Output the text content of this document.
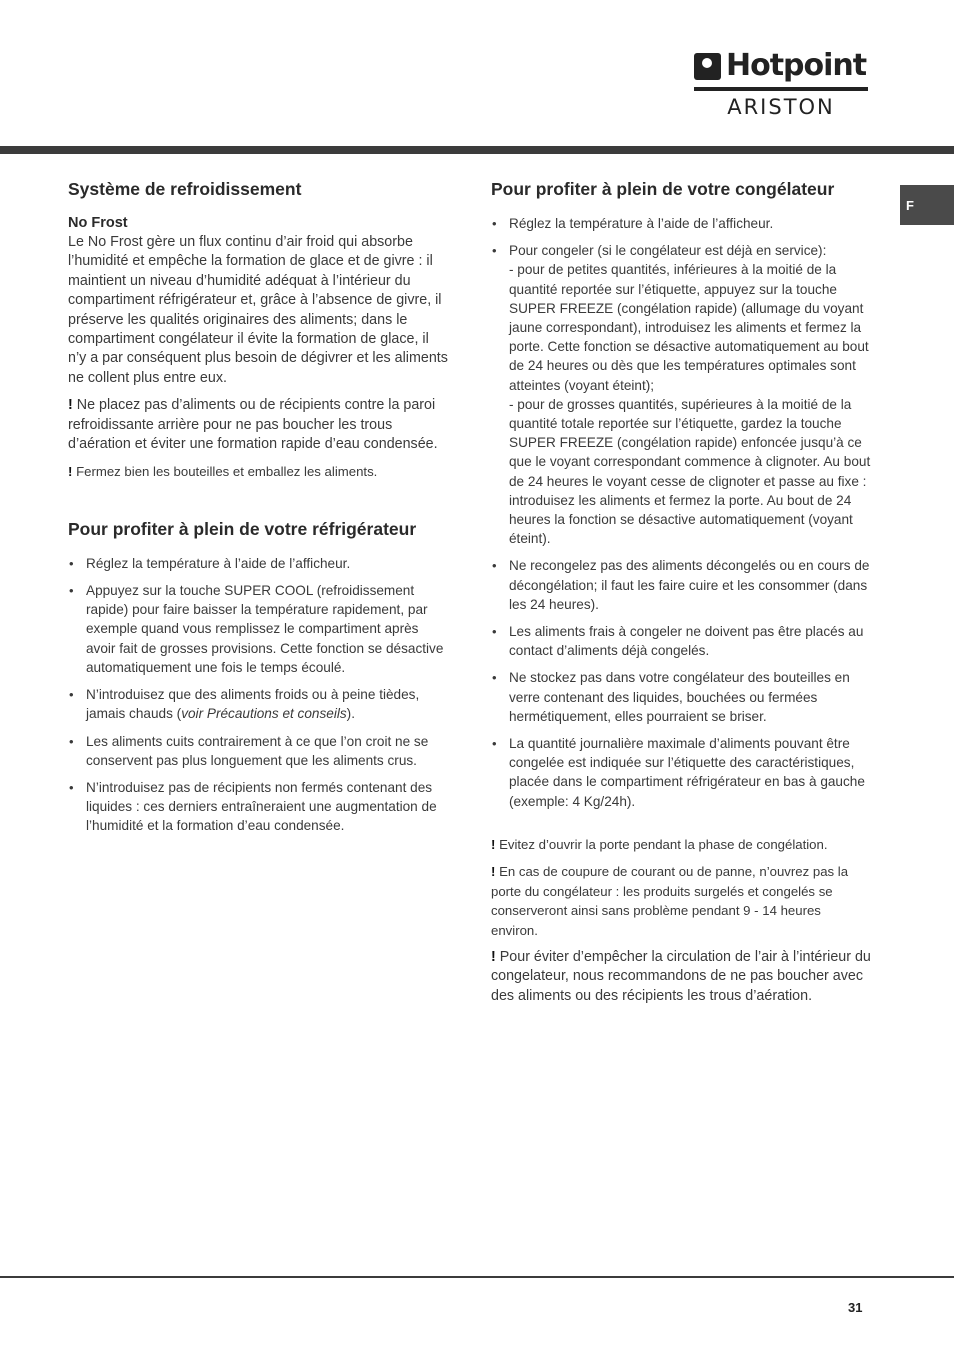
Hotpoint
ARISTON
F
Système de refroidissement

No Frost

Le No Frost gère un flux continu d’air froid qui absorbe l’humidité et empêche la formation de glace et de givre : il maintient un niveau d’humidité adéquat à l’intérieur du compartiment réfrigérateur et, grâce à l’absence de givre, il préserve les qualités originaires des aliments; dans le compartiment congélateur il évite la formation de glace, il n’y a par conséquent plus besoin de dégivrer et les aliments ne collent plus entre eux.

! Ne placez pas d’aliments ou de récipients contre la paroi refroidissante arrière pour ne pas boucher les trous d’aération et éviter une formation rapide d’eau condensée.

! Fermez bien les bouteilles et emballez les aliments.

Pour profiter à plein de votre réfrigérateur
• Réglez la température à l’aide de l’afficheur.
• Appuyez sur la touche SUPER COOL (refroidissement rapide) pour faire baisser la température rapidement, par exemple quand vous remplissez le compartiment après avoir fait de grosses provisions. Cette fonction se désactive automatiquement une fois le temps écoulé.
• N’introduisez que des aliments froids ou à peine tièdes, jamais chauds (voir Précautions et conseils).
• Les aliments cuits contrairement à ce que l’on croit ne se conservent pas plus longuement que les aliments crus.
• N’introduisez pas de récipients non fermés contenant des liquides : ces derniers entraîneraient une augmentation de l’humidité et la formation d’eau condensée.
Pour profiter à plein de votre congélateur
• Réglez la température à l’aide de l’afficheur.
• Pour congeler (si le congélateur est déjà en service):
- pour de petites quantités, inférieures à la moitié de la quantité reportée sur l’étiquette, appuyez sur la touche SUPER FREEZE (congélation rapide) (allumage du voyant jaune correspondant), introduisez les aliments et fermez la porte. Cette fonction se désactive automatiquement au bout de 24 heures ou dès que les températures optimales sont atteintes (voyant éteint);
- pour de grosses quantités, supérieures à la moitié de la quantité totale reportée sur l’étiquette, gardez la touche SUPER FREEZE (congélation rapide) enfoncée jusqu’à ce que le voyant correspondant commence à clignoter. Au bout de 24 heures le voyant cesse de clignoter et passe au fixe : introduisez les aliments et fermez la porte. Au bout de 24 heures la fonction se désactive automatiquement (voyant éteint).
• Ne recongelez pas des aliments décongelés ou en cours de décongélation; il faut les faire cuire et les consommer (dans les 24 heures).
• Les aliments frais à congeler ne doivent pas être placés au contact d’aliments déjà congelés.
• Ne stockez pas dans votre congélateur des bouteilles en verre contenant des liquides, bouchées ou fermées hermétiquement, elles pourraient se briser.
• La quantité journalière maximale d’aliments pouvant être congelée est indiquée sur l’étiquette des caractéristiques, placée dans le compartiment réfrigérateur en bas à gauche (exemple: 4 Kg/24h).

! Evitez d’ouvrir la porte pendant la phase de congélation.

! En cas de coupure de courant ou de panne, n’ouvrez pas la porte du congélateur : les produits surgelés et congelés se conserveront ainsi sans problème pendant 9 - 14 heures environ.

! Pour éviter d’empêcher la circulation de l’air à l’intérieur du congelateur, nous recommandons de ne pas boucher avec des aliments ou des récipients les trous d’aération.

31
